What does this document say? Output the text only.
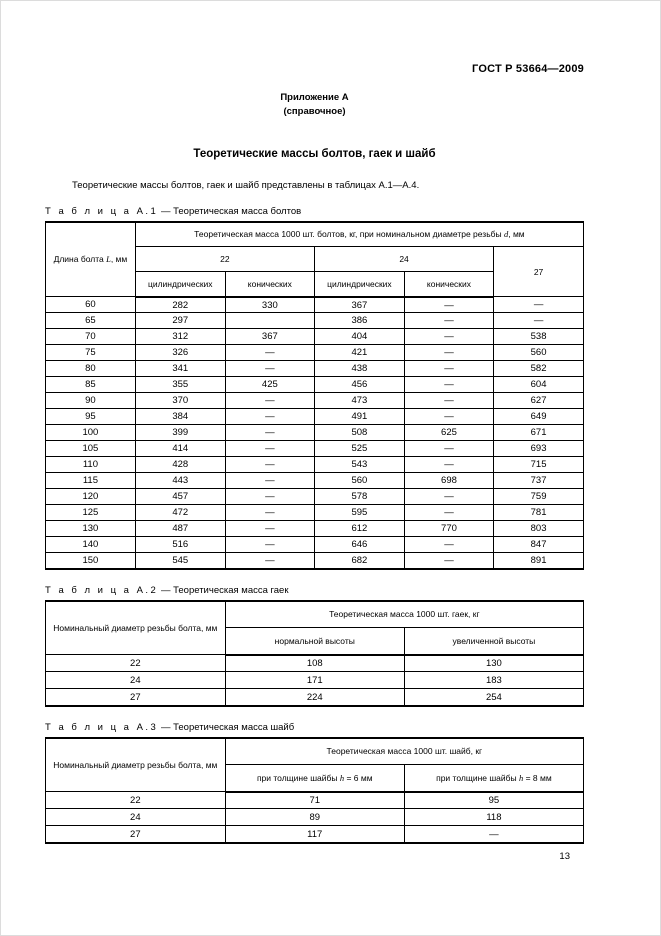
ГОСТ Р 53664—2009
Приложение А
(справочное)
Теоретические массы болтов, гаек и шайб

Теоретические массы болтов, гаек и шайб представлены в таблицах А.1—А.4.

Т а б л и ц а А.1 — Теоретическая масса болтов
Длина болта L, мм	Теоретическая масса 1000 шт. болтов, кг, при номинальном диаметре резьбы d, мм				
	22		24		27
	цилиндрических	конических	цилиндрических	конических	
60	282	330	367	—	—
65	297		386	—	—
70	312	367	404	—	538
75	326	—	421	—	560
80	341	—	438	—	582
85	355	425	456	—	604
90	370	—	473	—	627
95	384	—	491	—	649
100	399	—	508	625	671
105	414	—	525	—	693
110	428	—	543	—	715
115	443	—	560	698	737
120	457	—	578	—	759
125	472	—	595	—	781
130	487	—	612	770	803
140	516	—	646	—	847
150	545	—	682	—	891
Т а б л и ц а А.2 — Теоретическая масса гаек
Номинальный диаметр резьбы болта, мм	Теоретическая масса 1000 шт. гаек, кг	
	нормальной высоты	увеличенной высоты
22	108	130
24	171	183
27	224	254
Т а б л и ц а А.3 — Теоретическая масса шайб
Номинальный диаметр резьбы болта, мм	Теоретическая масса 1000 шт. шайб, кг	
	при толщине шайбы h = 6 мм	при толщине шайбы h = 8 мм
22	71	95
24	89	118
27	117	—
13
